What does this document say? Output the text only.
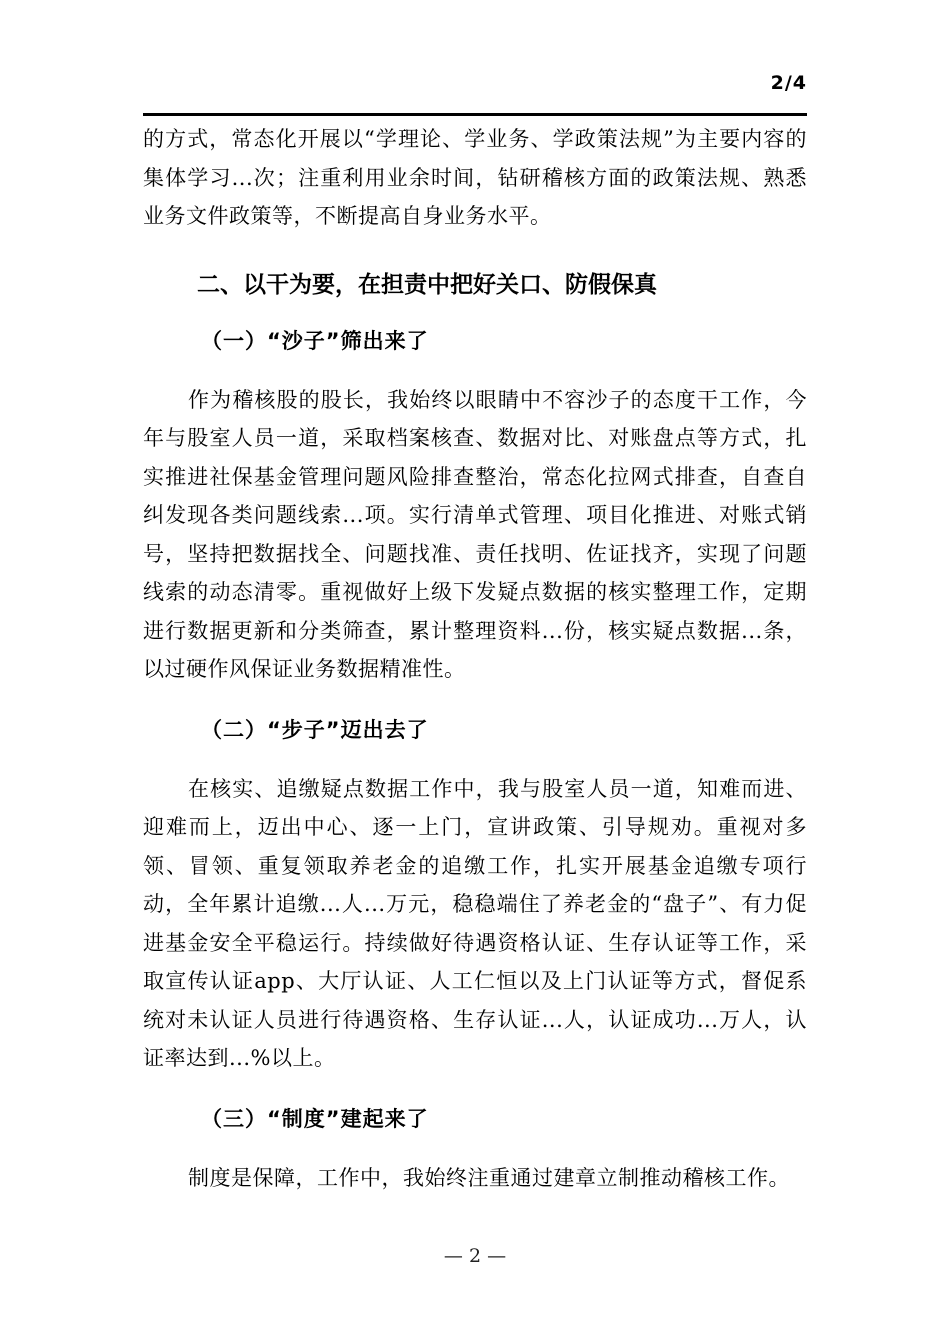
2/4

的方式，常态化开展以“学理论、学业务、学政策法规”为主要内容的集体学习...次；注重利用业余时间，钻研稽核方面的政策法规、熟悉业务文件政策等，不断提高自身业务水平。

二、以干为要，在担责中把好关口、防假保真
（一）“沙子”筛出来了

作为稽核股的股长，我始终以眼睛中不容沙子的态度干工作，今年与股室人员一道，采取档案核查、数据对比、对账盘点等方式，扎实推进社保基金管理问题风险排查整治，常态化拉网式排查，自查自纠发现各类问题线索...项。实行清单式管理、项目化推进、对账式销号，坚持把数据找全、问题找准、责任找明、佐证找齐，实现了问题线索的动态清零。重视做好上级下发疑点数据的核实整理工作，定期进行数据更新和分类筛查，累计整理资料...份，核实疑点数据...条，以过硬作风保证业务数据精准性。

（二）“步子”迈出去了

在核实、追缴疑点数据工作中，我与股室人员一道，知难而进、迎难而上，迈出中心、逐一上门，宣讲政策、引导规劝。重视对多领、冒领、重复领取养老金的追缴工作，扎实开展基金追缴专项行动，全年累计追缴...人...万元，稳稳端住了养老金的“盘子”、有力促进基金安全平稳运行。持续做好待遇资格认证、生存认证等工作，采取宣传认证app、大厅认证、人工仁恒以及上门认证等方式，督促系统对未认证人员进行待遇资格、生存认证...人，认证成功...万人，认证率达到...%以上。

（三）“制度”建起来了

制度是保障，工作中，我始终注重通过建章立制推动稽核工作。

— 2 —
